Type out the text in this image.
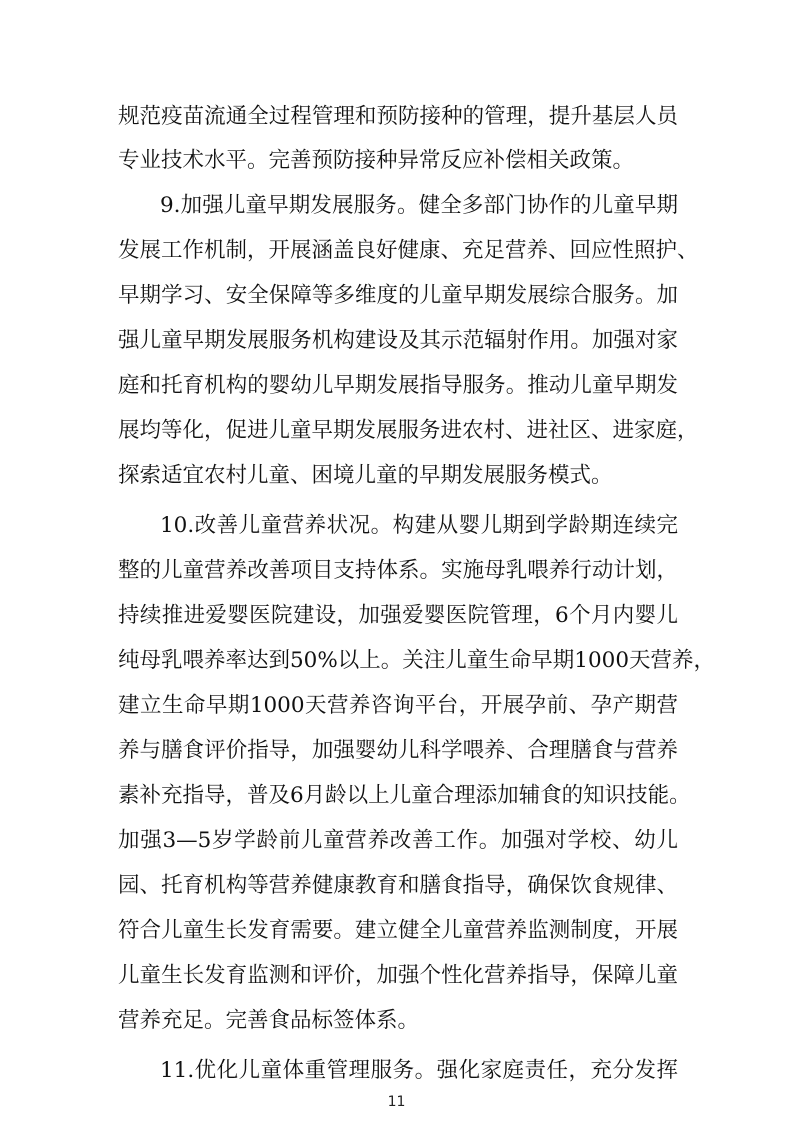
规范疫苗流通全过程管理和预防接种的管理，提升基层人员
专业技术水平。完善预防接种异常反应补偿相关政策。
9.加强儿童早期发展服务。健全多部门协作的儿童早期
发展工作机制，开展涵盖良好健康、充足营养、回应性照护、
早期学习、安全保障等多维度的儿童早期发展综合服务。加
强儿童早期发展服务机构建设及其示范辐射作用。加强对家
庭和托育机构的婴幼儿早期发展指导服务。推动儿童早期发
展均等化，促进儿童早期发展服务进农村、进社区、进家庭，
探索适宜农村儿童、困境儿童的早期发展服务模式。
10.改善儿童营养状况。构建从婴儿期到学龄期连续完
整的儿童营养改善项目支持体系。实施母乳喂养行动计划，
持续推进爱婴医院建设，加强爱婴医院管理，6个月内婴儿
纯母乳喂养率达到50%以上。关注儿童生命早期1000天营养，
建立生命早期1000天营养咨询平台，开展孕前、孕产期营
养与膳食评价指导，加强婴幼儿科学喂养、合理膳食与营养
素补充指导，普及6月龄以上儿童合理添加辅食的知识技能。
加强3—5岁学龄前儿童营养改善工作。加强对学校、幼儿
园、托育机构等营养健康教育和膳食指导，确保饮食规律、
符合儿童生长发育需要。建立健全儿童营养监测制度，开展
儿童生长发育监测和评价，加强个性化营养指导，保障儿童
营养充足。完善食品标签体系。
11.优化儿童体重管理服务。强化家庭责任，充分发挥
11
